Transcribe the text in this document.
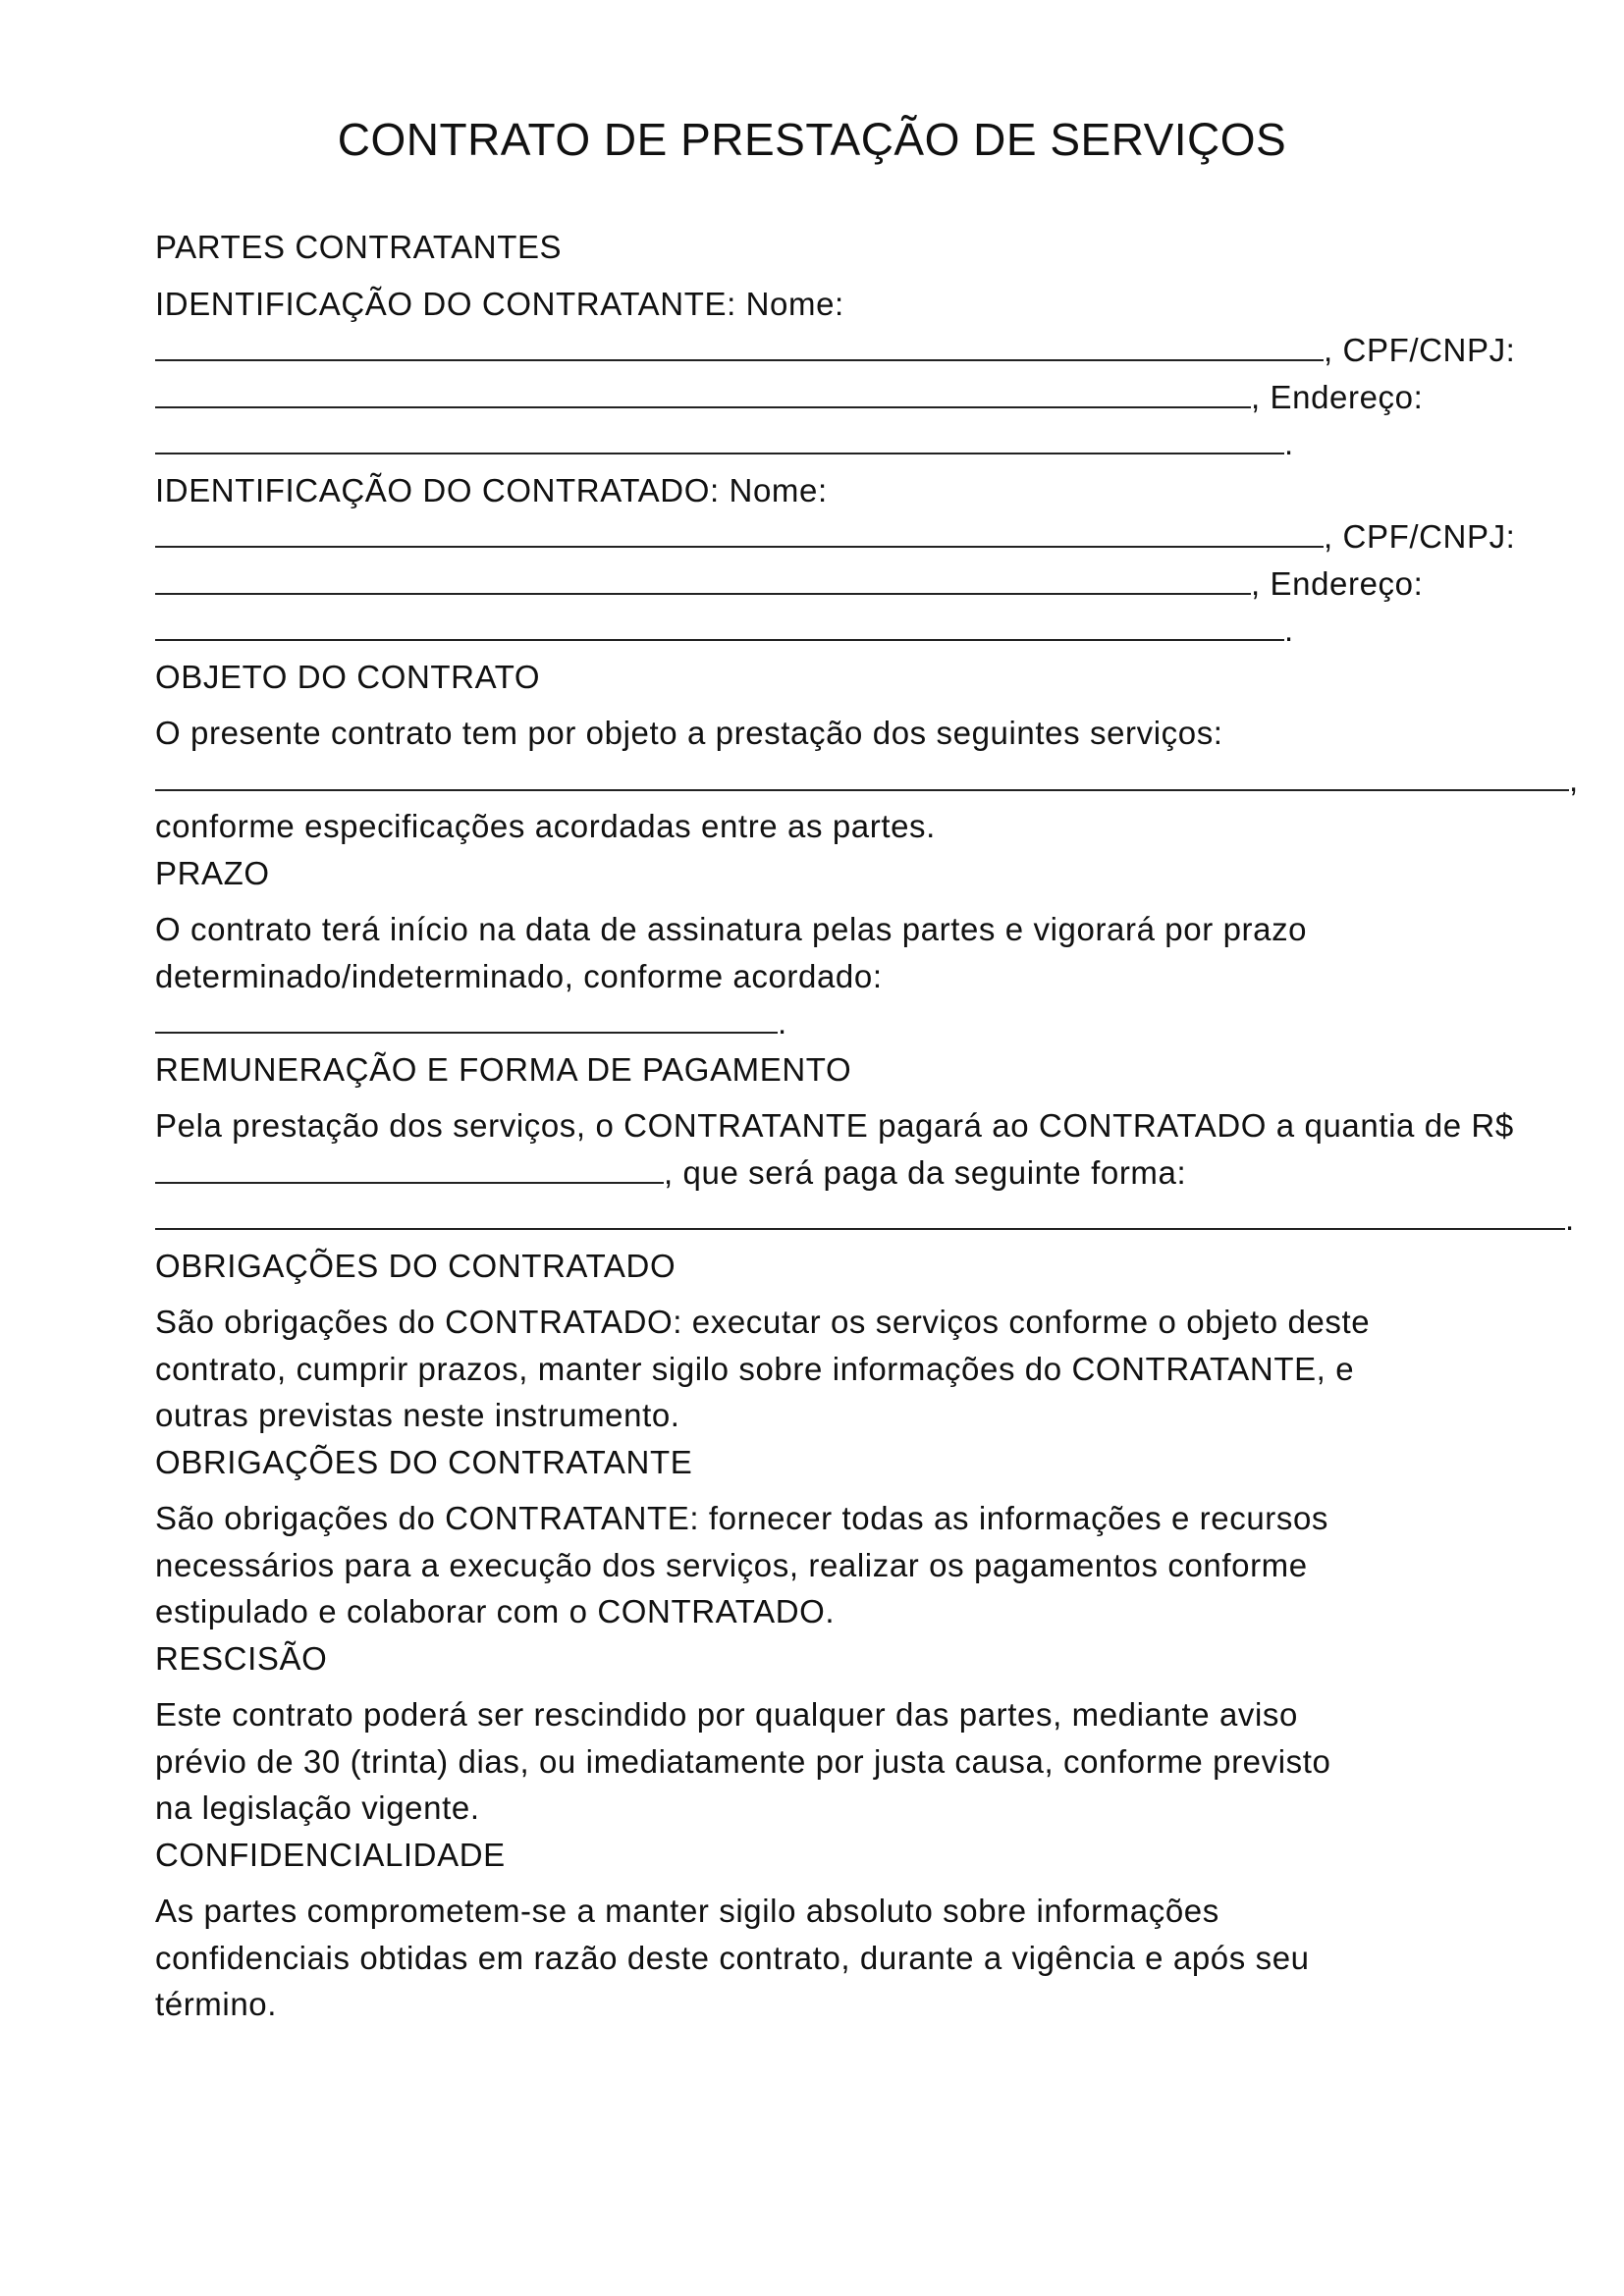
CONTRATO DE PRESTAÇÃO DE SERVIÇOS
PARTES CONTRATANTES
IDENTIFICAÇÃO DO CONTRATANTE: Nome:
, CPF/CNPJ:
, Endereço:
.
IDENTIFICAÇÃO DO CONTRATADO: Nome:
, CPF/CNPJ:
, Endereço:
.
OBJETO DO CONTRATO
O presente contrato tem por objeto a prestação dos seguintes serviços:
,
conforme especificações acordadas entre as partes.
PRAZO
O contrato terá início na data de assinatura pelas partes e vigorará por prazo
determinado/indeterminado, conforme acordado:
.
REMUNERAÇÃO E FORMA DE PAGAMENTO
Pela prestação dos serviços, o CONTRATANTE pagará ao CONTRATADO a quantia de R$
, que será paga da seguinte forma:
.
OBRIGAÇÕES DO CONTRATADO
São obrigações do CONTRATADO: executar os serviços conforme o objeto deste
contrato, cumprir prazos, manter sigilo sobre informações do CONTRATANTE, e
outras previstas neste instrumento.
OBRIGAÇÕES DO CONTRATANTE
São obrigações do CONTRATANTE: fornecer todas as informações e recursos
necessários para a execução dos serviços, realizar os pagamentos conforme
estipulado e colaborar com o CONTRATADO.
RESCISÃO
Este contrato poderá ser rescindido por qualquer das partes, mediante aviso
prévio de 30 (trinta) dias, ou imediatamente por justa causa, conforme previsto
na legislação vigente.
CONFIDENCIALIDADE
As partes comprometem-se a manter sigilo absoluto sobre informações
confidenciais obtidas em razão deste contrato, durante a vigência e após seu
término.
